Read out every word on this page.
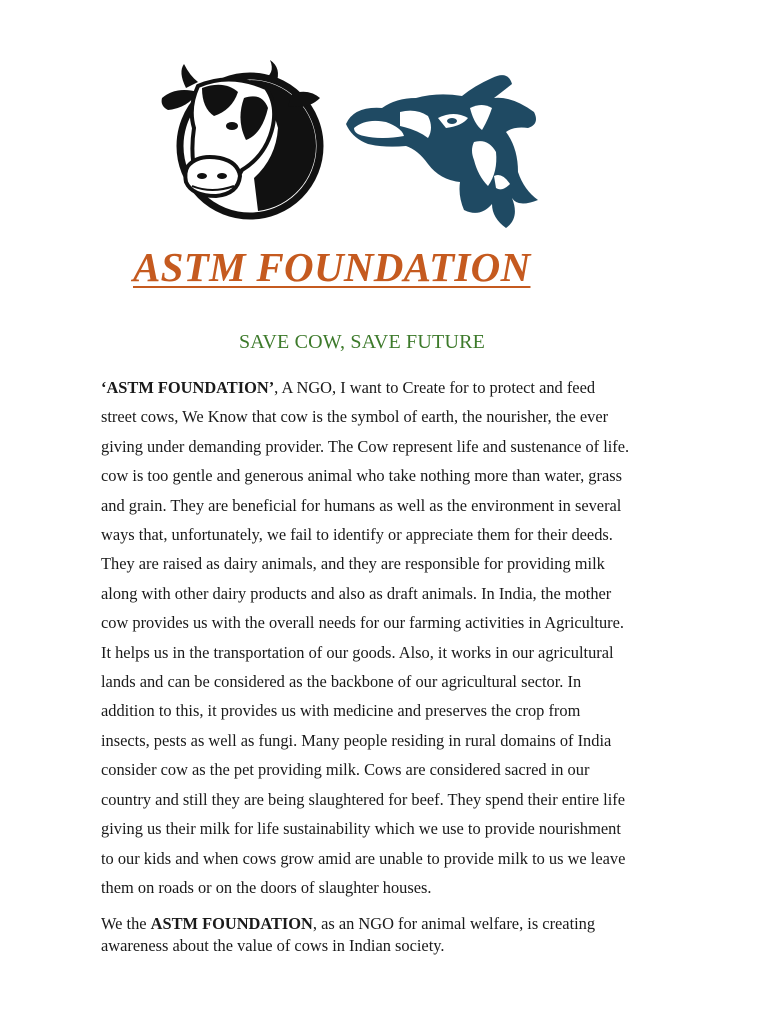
ASTM FOUNDATION

SAVE COW, SAVE FUTURE

‘ASTM FOUNDATION’, A NGO, I want to Create for to protect and feed
street cows, We Know that cow is the symbol of earth, the nourisher, the ever
giving under demanding provider. The Cow represent life and sustenance of life.
cow is too gentle and generous animal who take nothing more than water, grass
and grain. They are beneficial for humans as well as the environment in several
ways that, unfortunately, we fail to identify or appreciate them for their deeds.
They are raised as dairy animals, and they are responsible for providing milk
along with other dairy products and also as draft animals. In India, the mother
cow provides us with the overall needs for our farming activities in Agriculture.
It helps us in the transportation of our goods. Also, it works in our agricultural
lands and can be considered as the backbone of our agricultural sector. In
addition to this, it provides us with medicine and preserves the crop from
insects, pests as well as fungi. Many people residing in rural domains of India
consider cow as the pet providing milk. Cows are considered sacred in our
country and still they are being slaughtered for beef. They spend their entire life
giving us their milk for life sustainability which we use to provide nourishment
to our kids and when cows grow amid are unable to provide milk to us we leave
them on roads or on the doors of slaughter houses.

We the ASTM FOUNDATION, as an NGO for animal welfare, is creating
awareness about the value of cows in Indian society.
